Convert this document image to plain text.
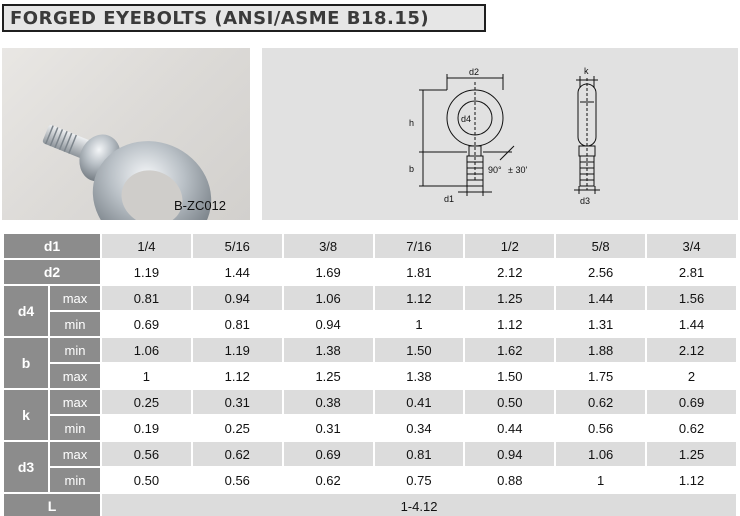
FORGED EYEBOLTS (ANSI/ASME B18.15)
B-ZC012
d2
d4
h
b
d1
90° ± 30'
k
d3
d1		1/4	5/16	3/8	7/16	1/2	5/8	3/4
d2		1.19	1.44	1.69	1.81	2.12	2.56	2.81
d4	max	0.81	0.94	1.06	1.12	1.25	1.44	1.56
	min	0.69	0.81	0.94	1	1.12	1.31	1.44
b	min	1.06	1.19	1.38	1.50	1.62	1.88	2.12
	max	1	1.12	1.25	1.38	1.50	1.75	2
k	max	0.25	0.31	0.38	0.41	0.50	0.62	0.69
	min	0.19	0.25	0.31	0.34	0.44	0.56	0.62
d3	max	0.56	0.62	0.69	0.81	0.94	1.06	1.25
	min	0.50	0.56	0.62	0.75	0.88	1	1.12
L		1-4.12						
